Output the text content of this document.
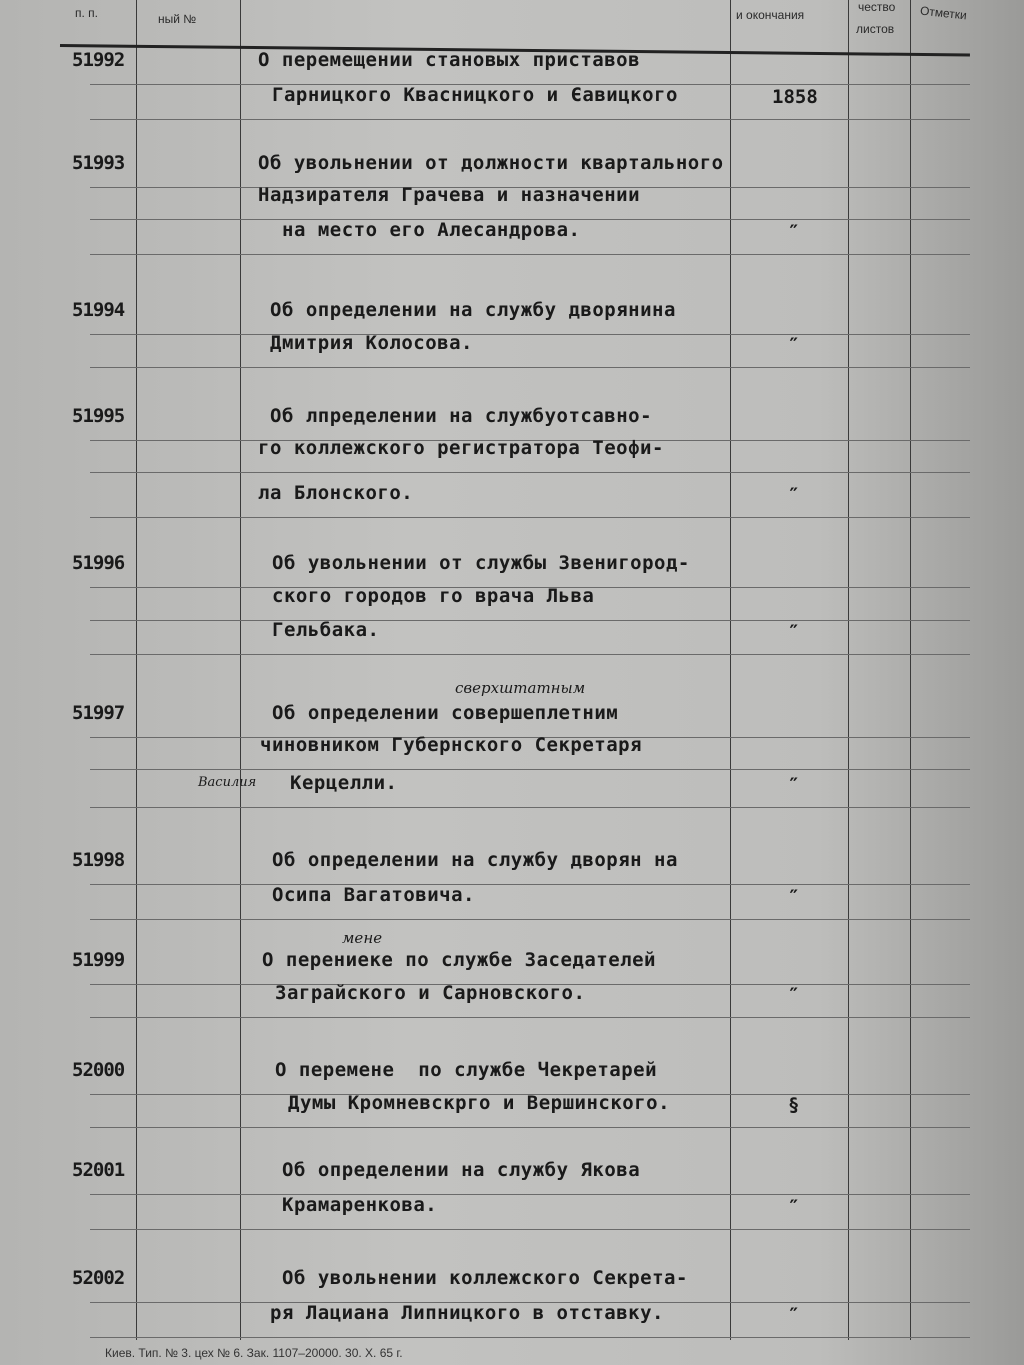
п. п.	ный №	и окончания
чество
листов
Отметки
51992	О перемещении становых приставов
Гарницкого Квасницкого и Єавицкого	1858
51993	Об увольнении от должности квартального
Надзирателя Грачева и назначении
на место его Алесандрова.	″
51994	Об определении на службу дворянина
Дмитрия Колосова.	″
51995	Об лпределении на службуотсавно-
го коллежского регистратора Теофи-
ла Блонского.	″
51996	Об увольнении от службы Звенигород-
ского городов го врача Льва
Гельбака.	″
51997	Об определении совершеплетним
чиновником Губернского Секретаря
Керцелли.	″
51998	Об определении на службу дворян на
Осипа Вагатовича.	″
51999	О перениеке по службе Заседателей
Заграйского и Сарновского.	″
52000	О перемене  по службе Чекретарей
Думы Кромневскрго и Вершинского.	§
52001	Об определении на службу Якова
Крамаренкова.	″
52002	Об увольнении коллежского Секрета-
ря Лациана Липницкого в отставку.	″
сверхштатным
Василия
мене
Киев. Тип. № 3. цех № 6. Зак. 1107–20000. 30. X. 65 г.
